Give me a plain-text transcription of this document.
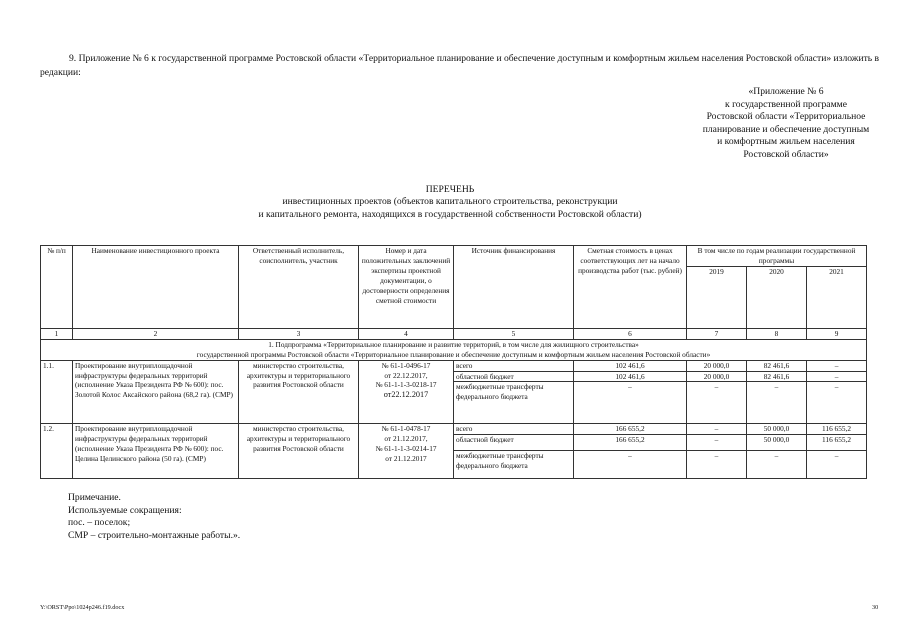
9. Приложение № 6 к государственной программе Ростовской области «Территориальное планирование и обеспечение доступным и комфортным жильем населения Ростовской области» изложить в редакции:
«Приложение № 6
к государственной программе
Ростовской области «Территориальное
планирование и обеспечение доступным
и комфортным жильем населения
Ростовской области»
ПЕРЕЧЕНЬ
инвестиционных проектов (объектов капитального строительства, реконструкции
и капитального ремонта, находящихся в государственной собственности Ростовской области)
№ п/п	Наименование инвестиционного проекта	Ответственный исполнитель, соисполнитель, участник	Номер и дата положительных заключений экспертизы проектной документации, о достоверности определения сметной стоимости	Источник финансирования	Сметная стоимость в ценах соответствующих лет на начало производства работ (тыс. рублей)	В том числе по годам реализации государственной программы		
						2019	2020	2021
1	2	3	4	5	6	7	8	9

1. Подпрограмма «Территориальное планирование и развитие территорий, в том числе для жилищного строительства»
государственной программы Ростовской области «Территориальное планирование и обеспечение доступным и комфортным жильем населения Ростовской области»								

1.1.	Проектирование внутриплощадочной инфраструктуры федеральных территорий (исполнение Указа Президента РФ № 600): пос. Золотой Колос Аксайского района (68,2 га). (СМР)	министерство строительства, архитектуры и территориального развития Ростовской области	№ 61-1-0496-17
от 22.12.2017,
№ 61-1-1-3-0218-17
от22.12.2017	всего	102 461,6	20 000,0	82 461,6	–
				областной бюджет	102 461,6	20 000,0	82 461,6	–
				межбюджетные трансферты федерального бюджета	–	–	–	–
1.2.	Проектирование внутриплощадочной инфраструктуры федеральных территорий (исполнение Указа Президента РФ № 600): пос. Целина Целинского района (50 га). (СМР)	министерство строительства, архитектуры и территориального развития Ростовской области	№ 61-1-0478-17
от 21.12.2017,
№ 61-1-1-3-0214-17
от 21.12.2017	всего	166 655,2	–	50 000,0	116 655,2
				областной бюджет	166 655,2	–	50 000,0	116 655,2
				межбюджетные трансферты федерального бюджета	–	–	–	–
Примечание.
Используемые сокращения:
пос. – поселок;
СМР – строительно-монтажные работы.».
Y:\ORST\Ppo\1024p246.f19.docx	30
